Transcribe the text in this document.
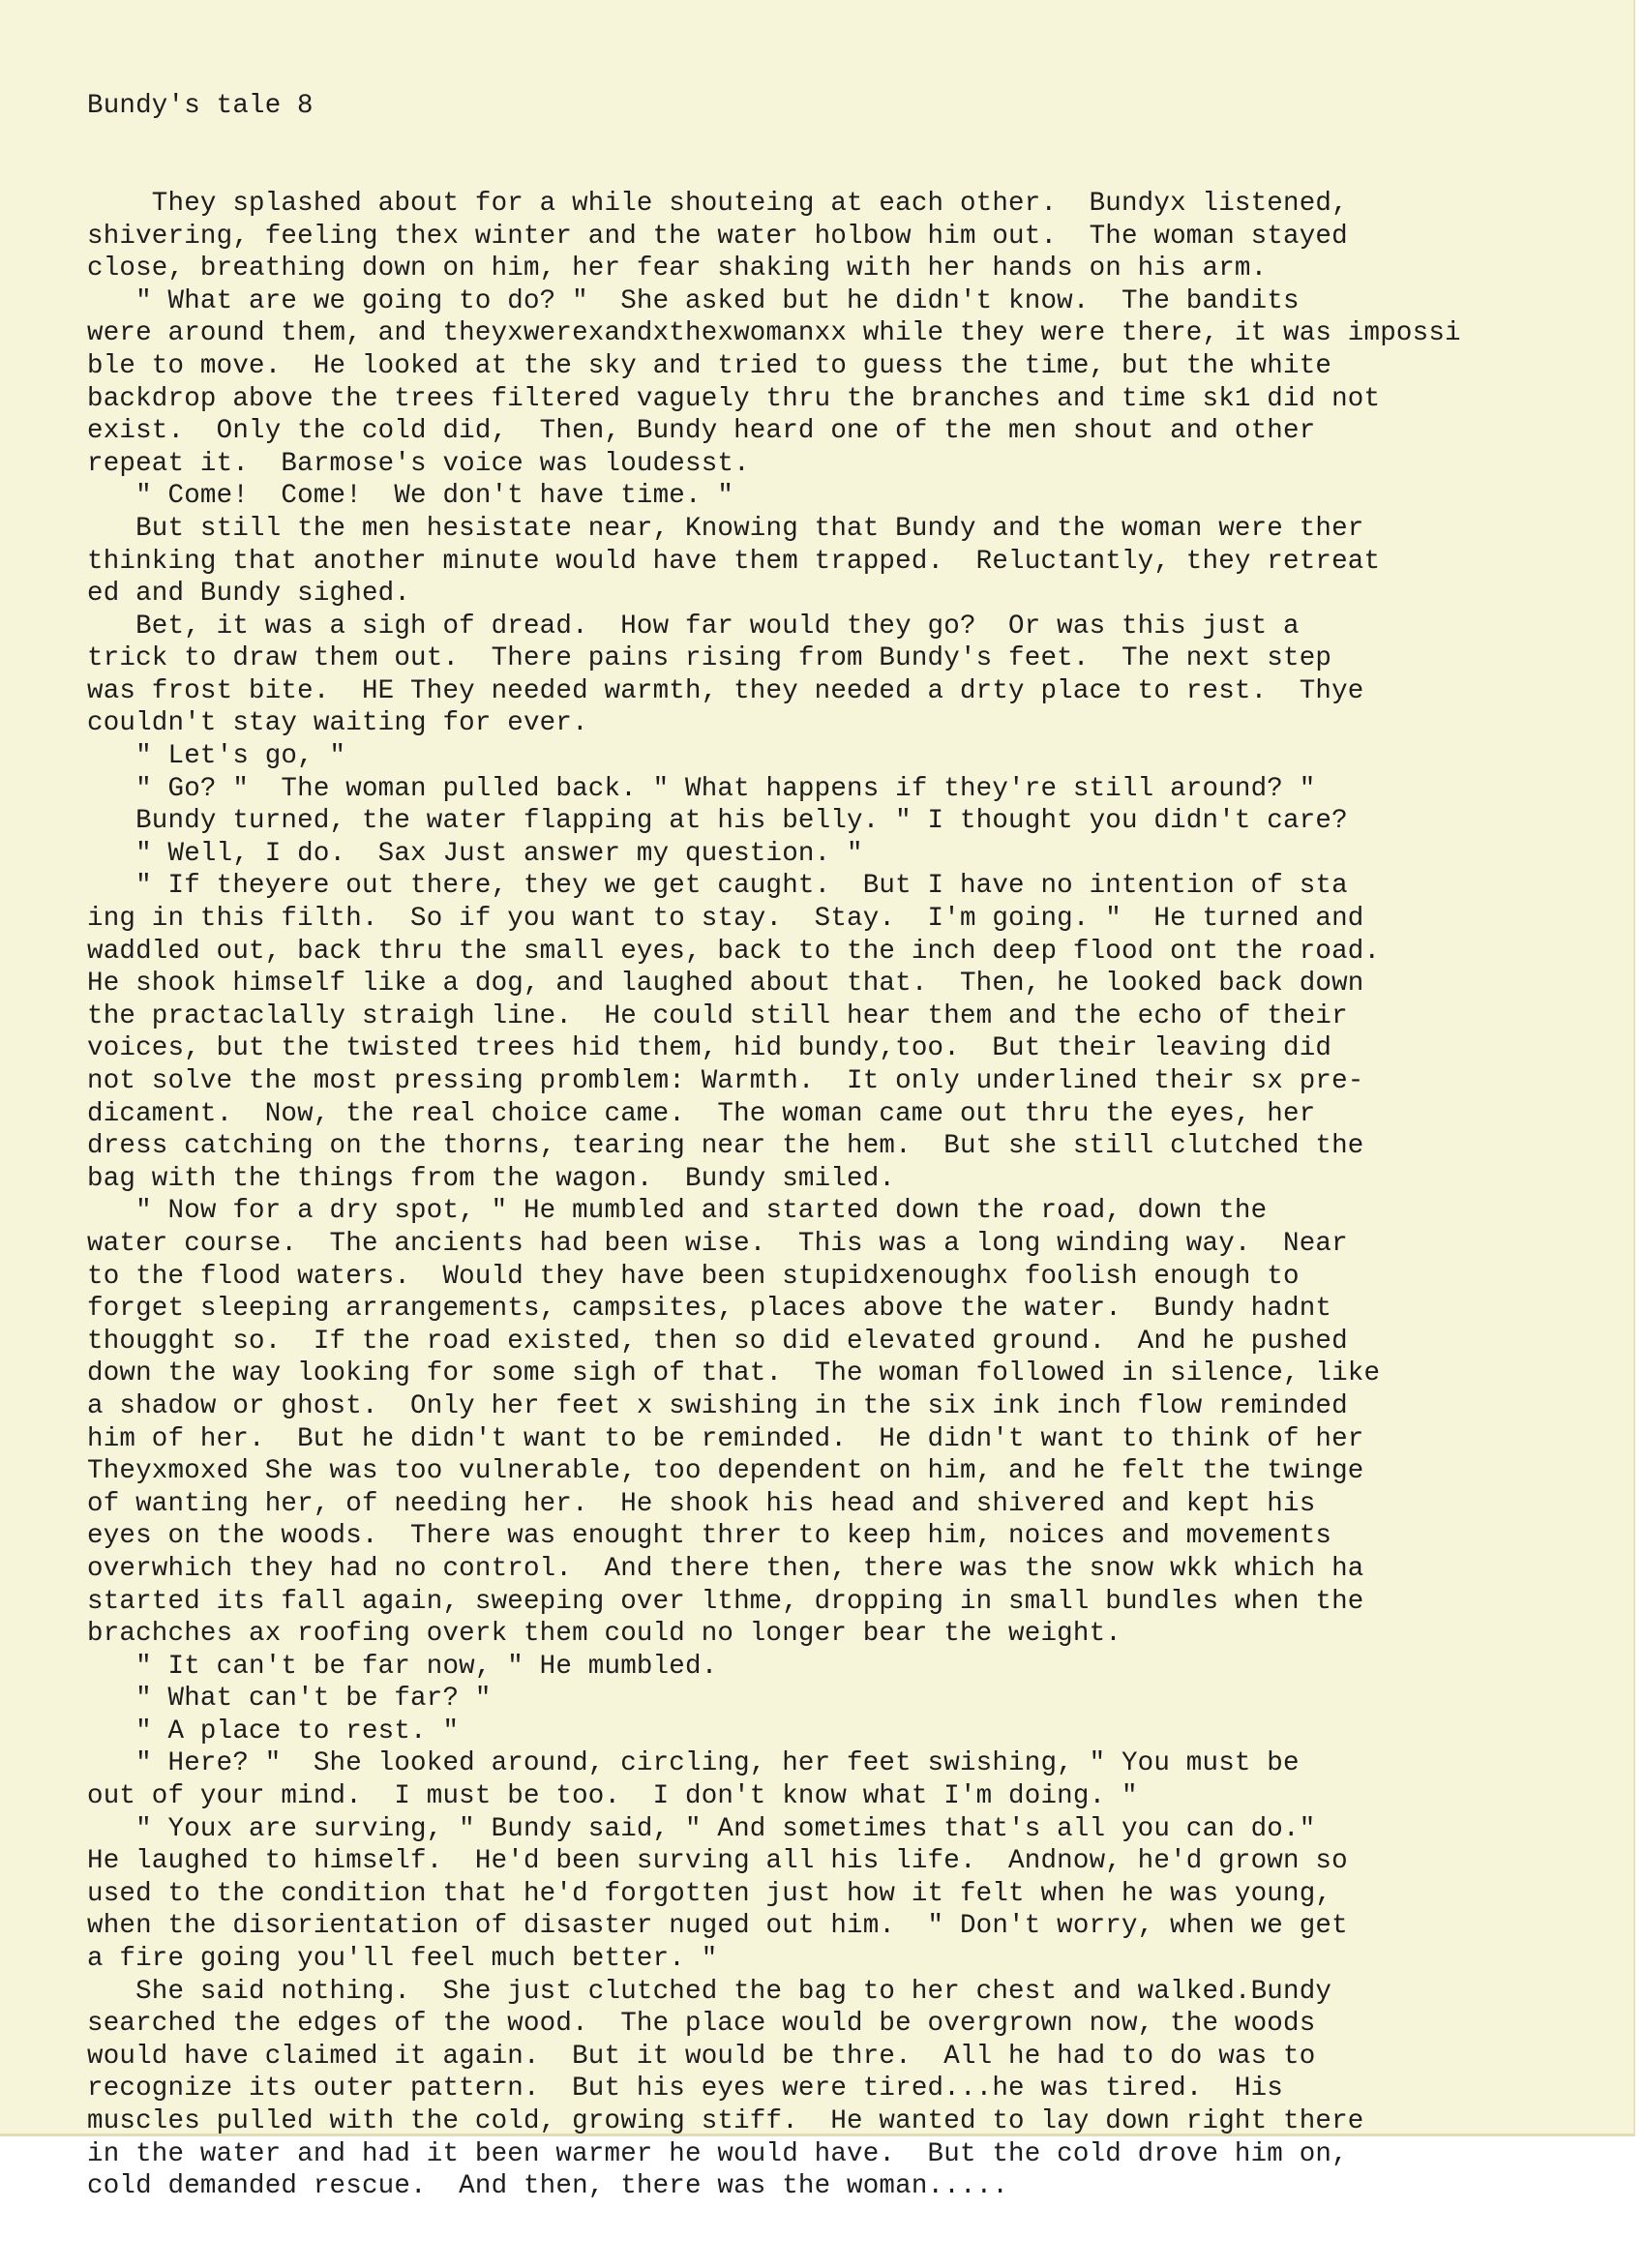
Bundy's tale 8

They splashed about for a while shouteing at each other.  Bundyx listened,
shivering, feeling thex winter and the water holbow him out.  The woman stayed
close, breathing down on him, her fear shaking with her hands on his arm.
" What are we going to do? "  She asked but he didn't know.  The bandits
were around them, and theyxwerexandxthexwomanxx while they were there, it was impossi
ble to move.  He looked at the sky and tried to guess the time, but the white
backdrop above the trees filtered vaguely thru the branches and time sk1 did not
exist.  Only the cold did,  Then, Bundy heard one of the men shout and other
repeat it.  Barmose's voice was loudesst.
" Come!  Come!  We don't have time. "
But still the men hesistate near, Knowing that Bundy and the woman were ther
thinking that another minute would have them trapped.  Reluctantly, they retreat
ed and Bundy sighed.
Bet, it was a sigh of dread.  How far would they go?  Or was this just a
trick to draw them out.  There pains rising from Bundy's feet.  The next step
was frost bite.  HE They needed warmth, they needed a drty place to rest.  Thye
couldn't stay waiting for ever.
" Let's go, "
" Go? "  The woman pulled back. " What happens if they're still around? "
Bundy turned, the water flapping at his belly. " I thought you didn't care?
" Well, I do.  Sax Just answer my question. "
" If theyere out there, they we get caught.  But I have no intention of sta
ing in this filth.  So if you want to stay.  Stay.  I'm going. "  He turned and
waddled out, back thru the small eyes, back to the inch deep flood ont the road.
He shook himself like a dog, and laughed about that.  Then, he looked back down
the practaclally straigh line.  He could still hear them and the echo of their
voices, but the twisted trees hid them, hid bundy,too.  But their leaving did
not solve the most pressing promblem: Warmth.  It only underlined their sx pre-
dicament.  Now, the real choice came.  The woman came out thru the eyes, her
dress catching on the thorns, tearing near the hem.  But she still clutched the
bag with the things from the wagon.  Bundy smiled.
" Now for a dry spot, " He mumbled and started down the road, down the
water course.  The ancients had been wise.  This was a long winding way.  Near
to the flood waters.  Would they have been stupidxenoughx foolish enough to
forget sleeping arrangements, campsites, places above the water.  Bundy hadnt
thougght so.  If the road existed, then so did elevated ground.  And he pushed
down the way looking for some sigh of that.  The woman followed in silence, like
a shadow or ghost.  Only her feet x swishing in the six ink inch flow reminded
him of her.  But he didn't want to be reminded.  He didn't want to think of her
Theyxmoxed She was too vulnerable, too dependent on him, and he felt the twinge
of wanting her, of needing her.  He shook his head and shivered and kept his
eyes on the woods.  There was enought threr to keep him, noices and movements
overwhich they had no control.  And there then, there was the snow wkk which ha
started its fall again, sweeping over lthme, dropping in small bundles when the
brachches ax roofing overk them could no longer bear the weight.
" It can't be far now, " He mumbled.
" What can't be far? "
" A place to rest. "
" Here? "  She looked around, circling, her feet swishing, " You must be
out of your mind.  I must be too.  I don't know what I'm doing. "
" Youx are surving, " Bundy said, " And sometimes that's all you can do."
He laughed to himself.  He'd been surving all his life.  Andnow, he'd grown so
used to the condition that he'd forgotten just how it felt when he was young,
when the disorientation of disaster nuged out him.  " Don't worry, when we get
a fire going you'll feel much better. "
She said nothing.  She just clutched the bag to her chest and walked.Bundy
searched the edges of the wood.  The place would be overgrown now, the woods
would have claimed it again.  But it would be thre.  All he had to do was to
recognize its outer pattern.  But his eyes were tired...he was tired.  His
muscles pulled with the cold, growing stiff.  He wanted to lay down right there
in the water and had it been warmer he would have.  But the cold drove him on,
cold demanded rescue.  And then, there was the woman.....
